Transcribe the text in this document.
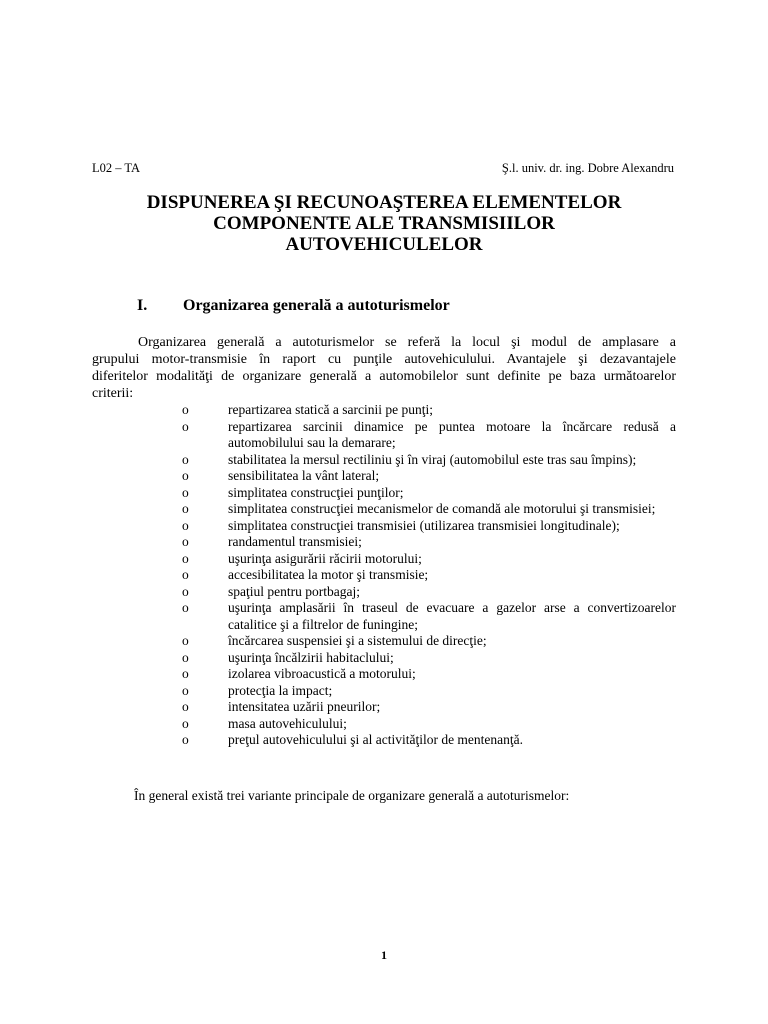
L02 – TA	Ş.l. univ. dr. ing. Dobre Alexandru
DISPUNEREA ŞI RECUNOAŞTEREA ELEMENTELOR
COMPONENTE ALE TRANSMISIILOR
AUTOVEHICULELOR
I. Organizarea generală a autoturismelor
Organizarea generală a autoturismelor se referă la locul şi modul de amplasare a
grupului motor-transmisie în raport cu punţile autovehiculului. Avantajele şi dezavantajele
diferitelor modalităţi de organizare generală a automobilelor sunt definite pe baza următoarelor
criterii:
o	repartizarea statică a sarcinii pe punţi;
o	repartizarea sarcinii dinamice pe puntea motoare la încărcare redusă a automobilului sau la demarare;
o	stabilitatea la mersul rectiliniu şi în viraj (automobilul este tras sau împins);
o	sensibilitatea la vânt lateral;
o	simplitatea construcţiei punţilor;
o	simplitatea construcţiei mecanismelor de comandă ale motorului şi transmisiei;
o	simplitatea construcţiei transmisiei (utilizarea transmisiei longitudinale);
o	randamentul transmisiei;
o	uşurinţa asigurării răcirii motorului;
o	accesibilitatea la motor şi transmisie;
o	spaţiul pentru portbagaj;
o	uşurinţa amplasării în traseul de evacuare a gazelor arse a convertizoarelor catalitice şi a filtrelor de funingine;
o	încărcarea suspensiei şi a sistemului de direcţie;
o	uşurinţa încălzirii habitaclului;
o	izolarea vibroacustică a motorului;
o	protecţia la impact;
o	intensitatea uzării pneurilor;
o	masa autovehiculului;
o	preţul autovehiculului şi al activităţilor de mentenanţă.
În general există trei variante principale de organizare generală a autoturismelor:
1
